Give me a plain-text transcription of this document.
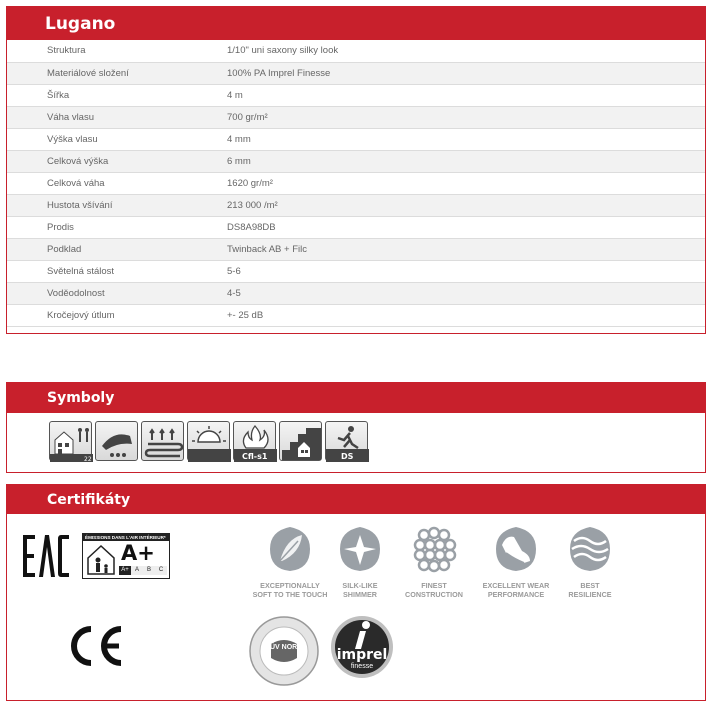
Lugano
Struktura	1/10" uni saxony silky look
Materiálové složení	100% PA Imprel Finesse
Šířka	4 m
Váha vlasu	700 gr/m²
Výška vlasu	4 mm
Celková výška	6 mm
Celková váha	1620 gr/m²
Hustota všívání	213 000 /m²
Prodis	DS8A98DB
Podklad	Twinback AB + Filc
Světelná stálost	5-6
Voděodolnost	4-5
Kročejový útlum	+- 25 dB
Symboly
22	Cfl-s1	DS
Certifikáty
ÉMISSIONS DANS L'AIR INTÉRIEUR*
A+
A+	A	B	C
EXCEPTIONALLY
SOFT TO THE TOUCH
SILK-LIKE
SHIMMER
FINEST
CONSTRUCTION
EXCELLENT WEAR
PERFORMANCE
BEST
RESILIENCE
TÜV NORD	imprel
finesse
